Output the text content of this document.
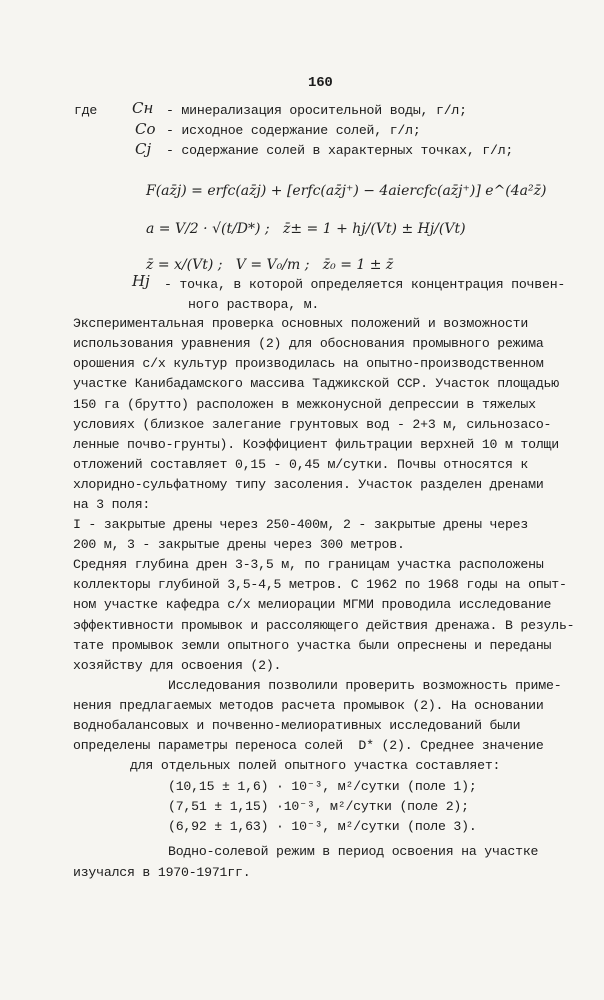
160
где Cн - минерализация оросительной воды, г/л;
Co - исходное содержание солей, г/л;
Cj - содержание солей в характерных точках, г/л;
F(az̄j) = erfc(az̄j) + [erfc(az̄j⁺) − 4aiercfc(az̄j⁺)] e^(4a²z̄)
a = V/2 · √(t/D*) ;   z̄± = 1 + hj/(Vt) ± Hj/(Vt)
z̄ = x/(Vt) ;   V = V₀/m ;   z̄₀ = 1 ± z̄
Hj - точка, в которой определяется концентрация почвен-
ного раствора, м.
Экспериментальная проверка основных положений и возможности
использования уравнения (2) для обоснования промывного режима
орошения с/х культур производилась на опытно-производственном
участке Канибадамского массива Таджикской ССР. Участок площадью
150 га (брутто) расположен в межконусной депрессии в тяжелых
условиях (близкое залегание грунтовых вод - 2+3 м, сильнозасо-
ленные почво-грунты). Коэффициент фильтрации верхней 10 м толщи
отложений составляет 0,15 - 0,45 м/сутки. Почвы относятся к
хлоридно-сульфатному типу засоления. Участок разделен дренами
на 3 поля:
I - закрытые дрены через 250-400м, 2 - закрытые дрены через
200 м, 3 - закрытые дрены через 300 метров.
Средняя глубина дрен 3-3,5 м, по границам участка расположены
коллекторы глубиной 3,5-4,5 метров. С 1962 по 1968 годы на опыт-
ном участке кафедра с/х мелиорации МГМИ проводила исследование
эффективности промывок и рассоляющего действия дренажа. В резуль-
тате промывок земли опытного участка были опреснены и переданы
хозяйству для освоения (2).
Исследования позволили проверить возможность приме-
нения предлагаемых методов расчета промывок (2). На основании
воднобалансовых и почвенно-мелиоративных исследований были
определены параметры переноса солей  D* (2). Среднее значение
для отдельных полей опытного участка составляет:
(10,15 ± 1,6) · 10⁻³, м²/сутки (поле 1);
(7,51 ± 1,15) ·10⁻³, м²/сутки (поле 2);
(6,92 ± 1,63) · 10⁻³, м²/сутки (поле 3).
Водно-солевой режим в период освоения на участке
изучался в 1970-1971гг.
